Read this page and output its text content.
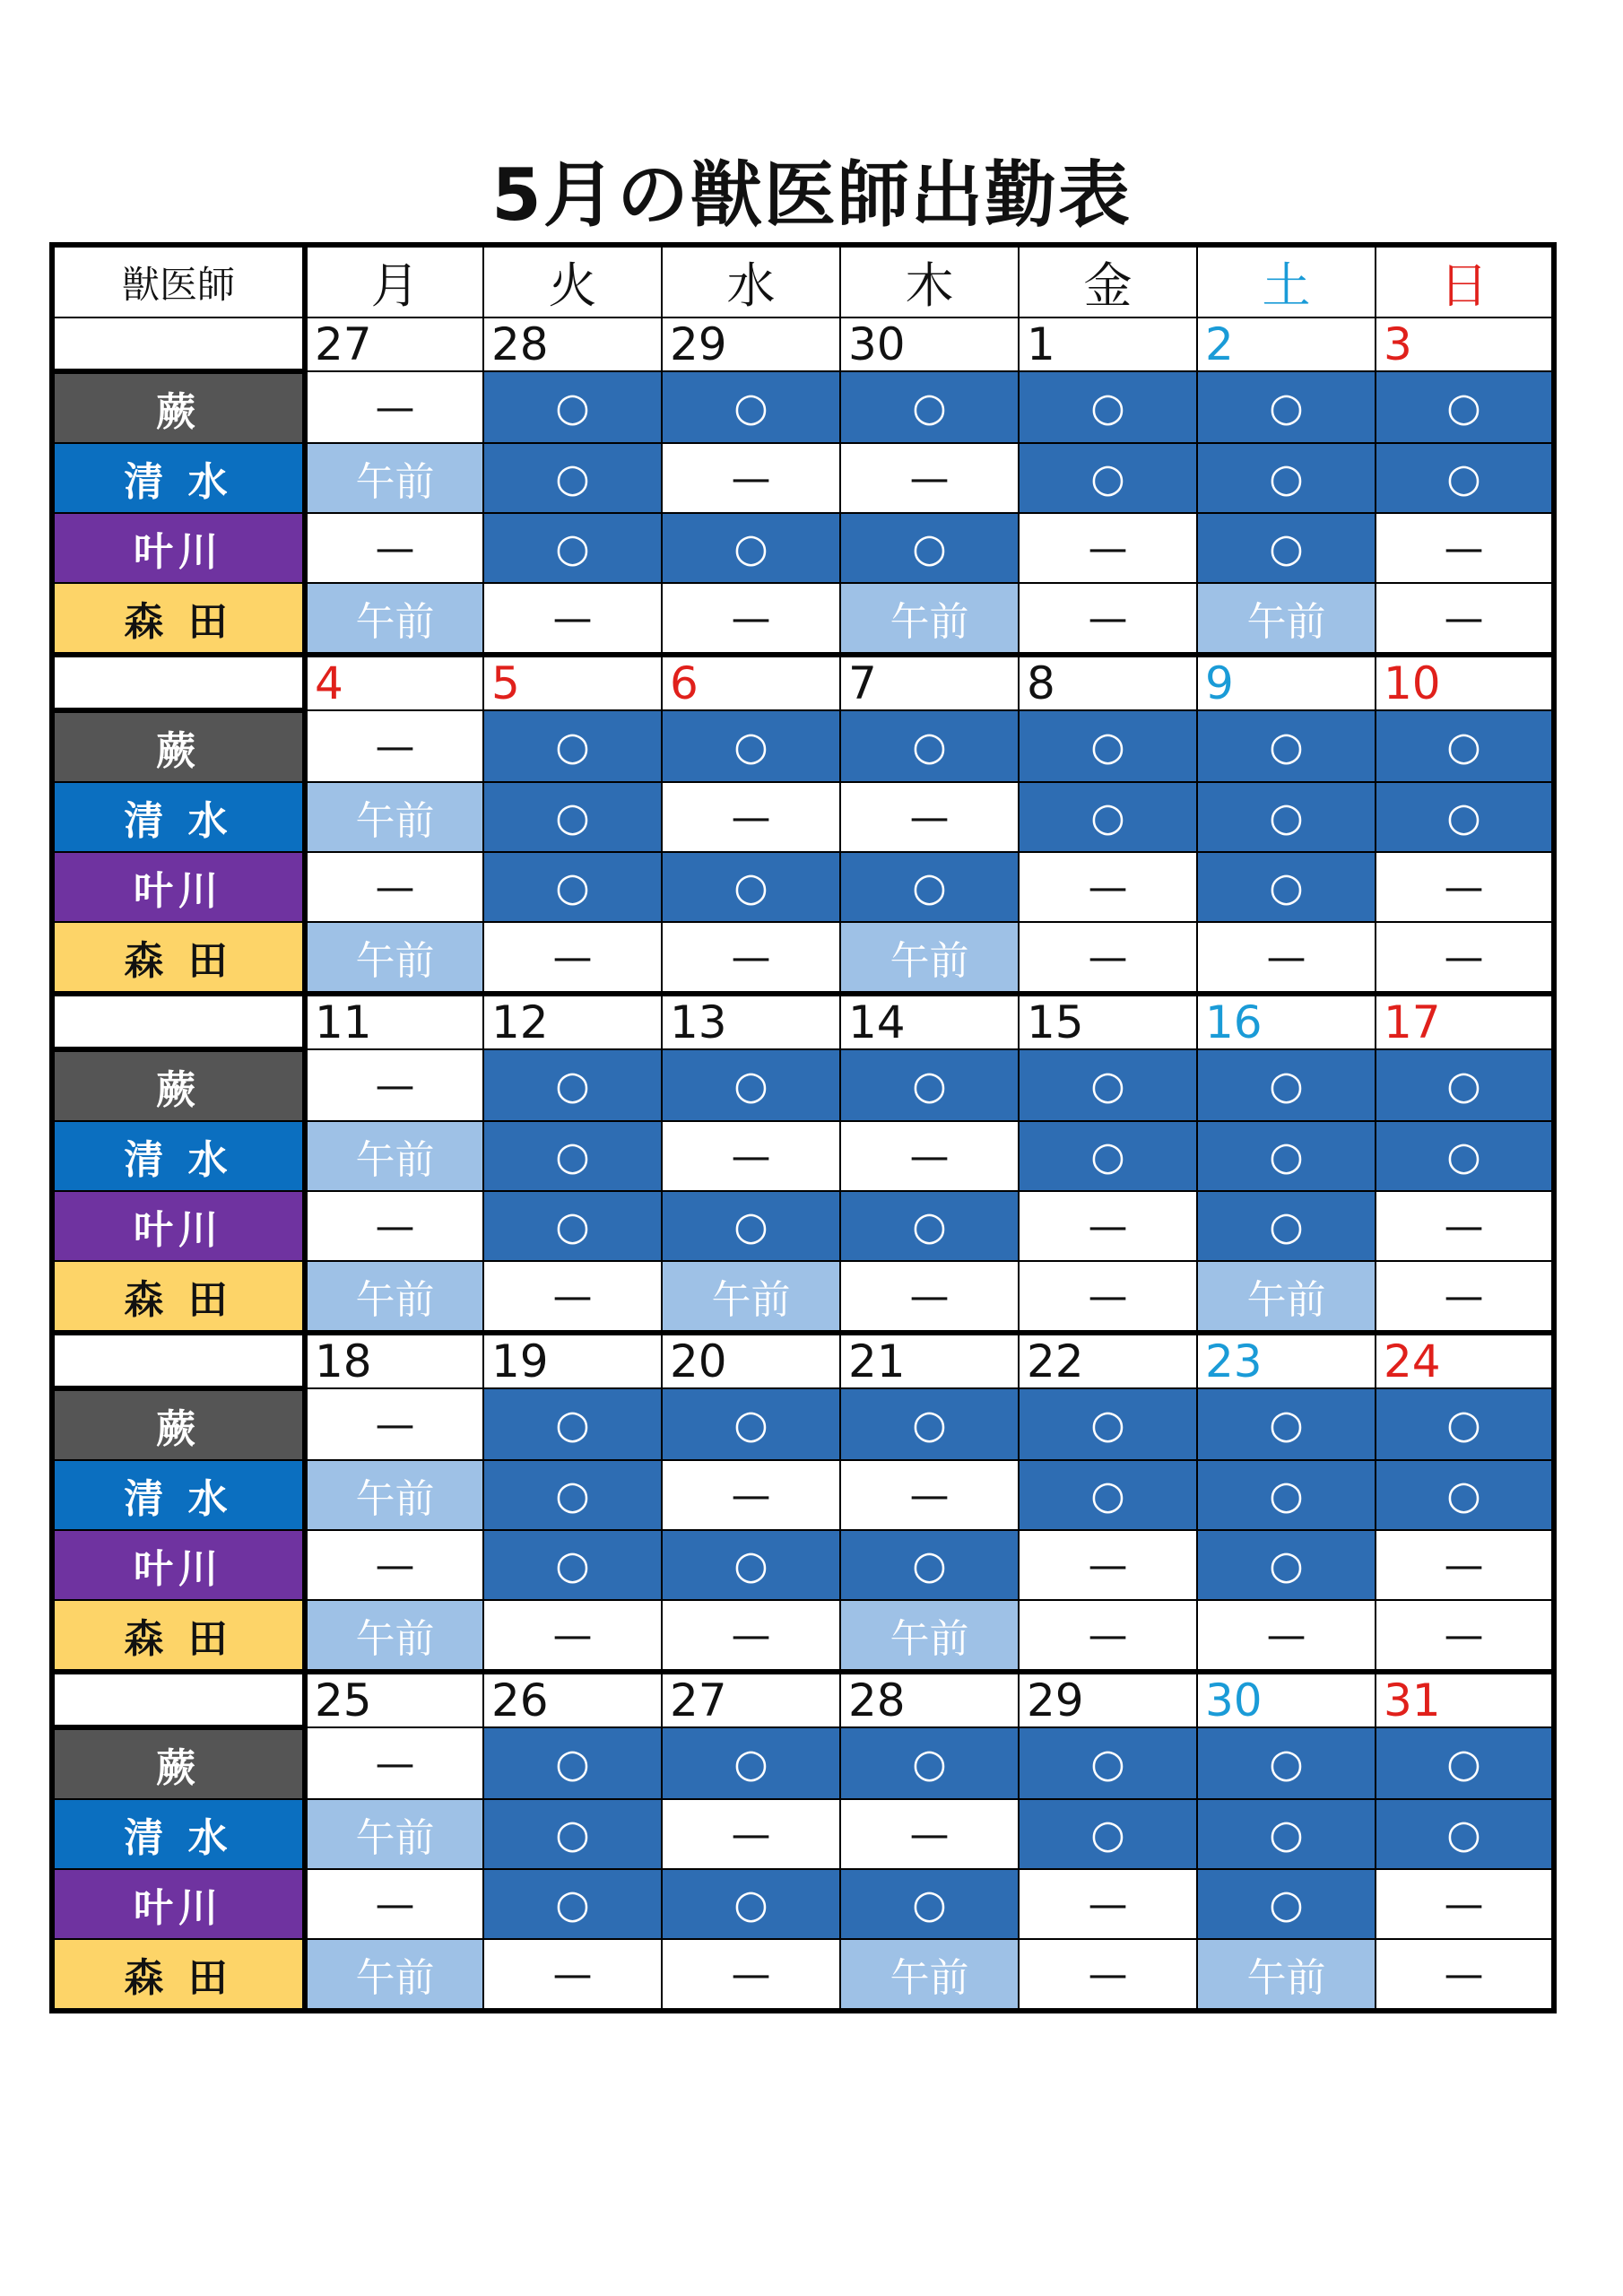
5月の獣医師出勤表
獣医師	月	火	水	木	金	土	日
	27	28	29	30	1	2	3
蕨	—	○	○	○	○	○	○
清 水	午前	○	—	—	○	○	○
叶川	—	○	○	○	—	○	—
森 田	午前	—	—	午前	—	午前	—
	4	5	6	7	8	9	10
蕨	—	○	○	○	○	○	○
清 水	午前	○	—	—	○	○	○
叶川	—	○	○	○	—	○	—
森 田	午前	—	—	午前	—	—	—
	11	12	13	14	15	16	17
蕨	—	○	○	○	○	○	○
清 水	午前	○	—	—	○	○	○
叶川	—	○	○	○	—	○	—
森 田	午前	—	午前	—	—	午前	—
	18	19	20	21	22	23	24
蕨	—	○	○	○	○	○	○
清 水	午前	○	—	—	○	○	○
叶川	—	○	○	○	—	○	—
森 田	午前	—	—	午前	—	—	—
	25	26	27	28	29	30	31
蕨	—	○	○	○	○	○	○
清 水	午前	○	—	—	○	○	○
叶川	—	○	○	○	—	○	—
森 田	午前	—	—	午前	—	午前	—
